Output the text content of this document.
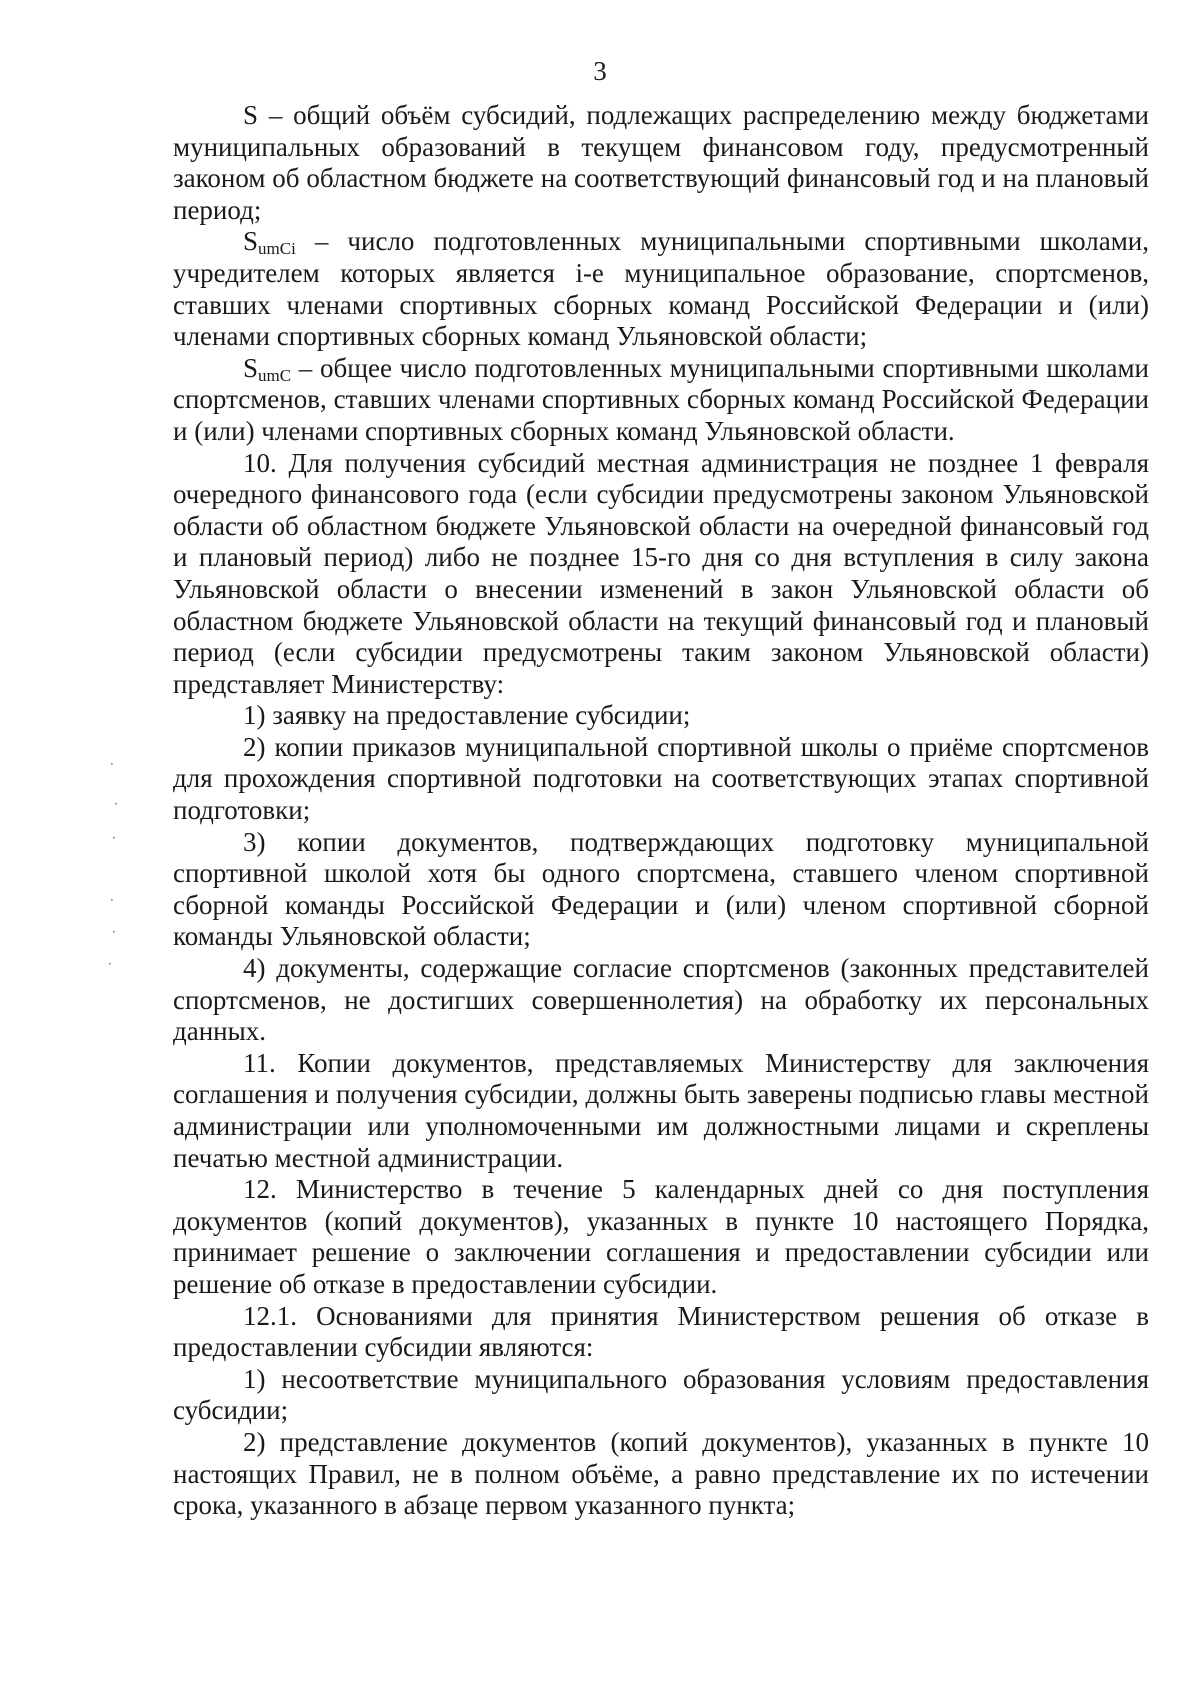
3

S – общий объём субсидий, подлежащих распределению между бюджетами муниципальных образований в текущем финансовом году, предусмотренный законом об областном бюджете на соответствующий финансовый год и на плановый период;

$S_{umCi}$ – число подготовленных муниципальными спортивными школами, учредителем которых является i-е муниципальное образование, спортсменов, ставших членами спортивных сборных команд Российской Федерации и (или) членами спортивных сборных команд Ульяновской области;

$S_{umC}$ – общее число подготовленных муниципальными спортивными школами спортсменов, ставших членами спортивных сборных команд Российской Федерации и (или) членами спортивных сборных команд Ульяновской области.

10. Для получения субсидий местная администрация не позднее 1 февраля очередного финансового года (если субсидии предусмотрены законом Ульяновской области об областном бюджете Ульяновской области на очередной финансовый год и плановый период) либо не позднее 15-го дня со дня вступления в силу закона Ульяновской области о внесении изменений в закон Ульяновской области об областном бюджете Ульяновской области на текущий финансовый год и плановый период (если субсидии предусмотрены таким законом Ульяновской области) представляет Министерству:

1) заявку на предоставление субсидии;

2) копии приказов муниципальной спортивной школы о приёме спортсменов для прохождения спортивной подготовки на соответствующих этапах спортивной подготовки;

3) копии документов, подтверждающих подготовку муниципальной спортивной школой хотя бы одного спортсмена, ставшего членом спортивной сборной команды Российской Федерации и (или) членом спортивной сборной команды Ульяновской области;

4) документы, содержащие согласие спортсменов (законных представителей спортсменов, не достигших совершеннолетия) на обработку их персональных данных.

11. Копии документов, представляемых Министерству для заключения соглашения и получения субсидии, должны быть заверены подписью главы местной администрации или уполномоченными им должностными лицами и скреплены печатью местной администрации.

12. Министерство в течение 5 календарных дней со дня поступления документов (копий документов), указанных в пункте 10 настоящего Порядка, принимает решение о заключении соглашения и предоставлении субсидии или решение об отказе в предоставлении субсидии.

12.1. Основаниями для принятия Министерством решения об отказе в предоставлении субсидии являются:

1) несоответствие муниципального образования условиям предоставления субсидии;

2) представление документов (копий документов), указанных в пункте 10 настоящих Правил, не в полном объёме, а равно представление их по истечении срока, указанного в абзаце первом указанного пункта;

·
·
·
·
·
·
